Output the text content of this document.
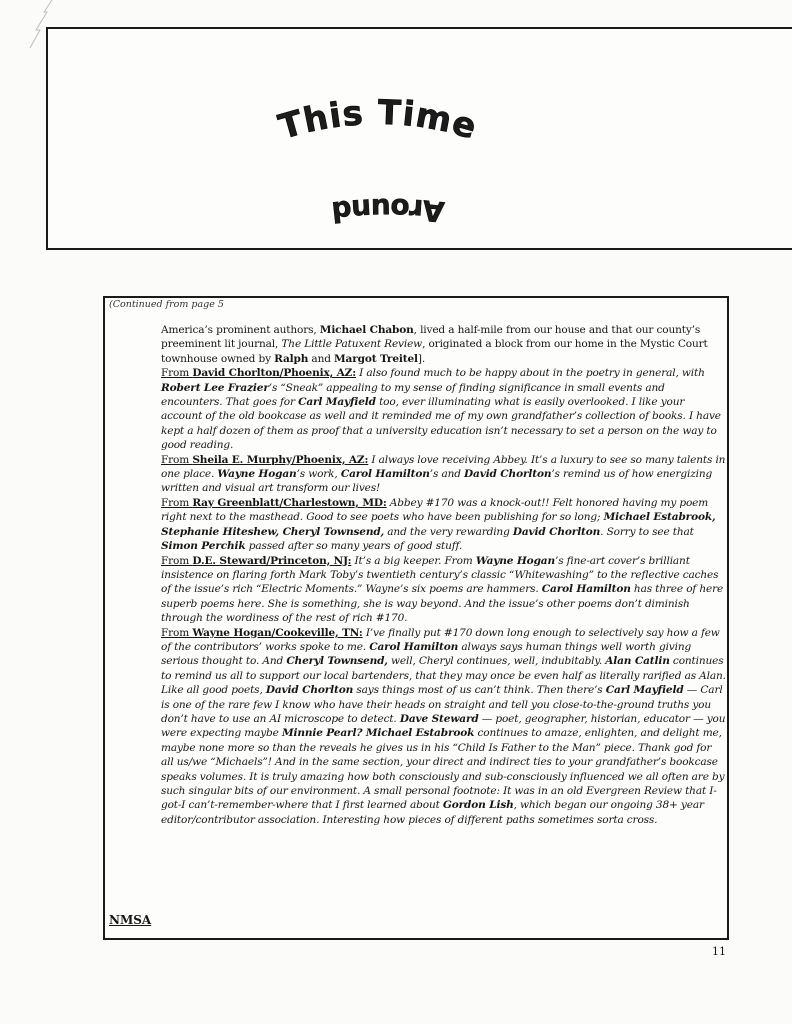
This Time
Around
(Continued from page 5

America’s prominent authors, Michael Chabon, lived a half-mile from our house and that our county’s preeminent lit journal, The Little Patuxent Review, originated a block from our home in the Mystic Court townhouse owned by Ralph and Margot Treitel].

From David Chorlton/Phoenix, AZ: I also found much to be happy about in the poetry in general, with Robert Lee Frazier’s “Sneak” appealing to my sense of finding significance in small events and encounters. That goes for Carl Mayfield too, ever illuminating what is easily overlooked. I like your account of the old bookcase as well and it reminded me of my own grandfather’s collection of books. I have kept a half dozen of them as proof that a university education isn’t necessary to set a person on the way to good reading.

From Sheila E. Murphy/Phoenix, AZ: I always love receiving Abbey. It’s a luxury to see so many talents in one place. Wayne Hogan’s work, Carol Hamilton’s and David Chorlton’s remind us of how energizing written and visual art transform our lives!

From Ray Greenblatt/Charlestown, MD: Abbey #170 was a knock-out!! Felt honored having my poem right next to the masthead. Good to see poets who have been publishing for so long; Michael Estabrook, Stephanie Hiteshew, Cheryl Townsend, and the very rewarding David Chorlton. Sorry to see that Simon Perchik passed after so many years of good stuff.

From D.E. Steward/Princeton, NJ: It’s a big keeper. From Wayne Hogan’s fine-art cover’s brilliant insistence on flaring forth Mark Toby’s twentieth century’s classic “Whitewashing” to the reflective caches of the issue’s rich “Electric Moments.” Wayne’s six poems are hammers. Carol Hamilton has three of here superb poems here. She is something, she is way beyond. And the issue’s other poems don’t diminish through the wordiness of the rest of rich #170.

From Wayne Hogan/Cookeville, TN: I’ve finally put #170 down long enough to selectively say how a few of the contributors’ works spoke to me. Carol Hamilton always says human things well worth giving serious thought to. And Cheryl Townsend, well, Cheryl continues, well, indubitably. Alan Catlin continues to remind us all to support our local bartenders, that they may once be even half as literally rarified as Alan. Like all good poets, David Chorlton says things most of us can’t think. Then there’s Carl Mayfield — Carl is one of the rare few I know who have their heads on straight and tell you close-to-the-ground truths you don’t have to use an AI microscope to detect. Dave Steward — poet, geographer, historian, educator — you were expecting maybe Minnie Pearl? Michael Estabrook continues to amaze, enlighten, and delight me, maybe none more so than the reveals he gives us in his “Child Is Father to the Man” piece. Thank god for all us/we “Michaels”! And in the same section, your direct and indirect ties to your grandfather’s bookcase speaks volumes. It is truly amazing how both consciously and sub-consciously influenced we all often are by such singular bits of our environment. A small personal footnote: It was in an old Evergreen Review that I-got-I can’t-remember-where that I first learned about Gordon Lish, which began our ongoing 38+ year editor/contributor association. Interesting how pieces of different paths sometimes sorta cross.

NMSA
11
